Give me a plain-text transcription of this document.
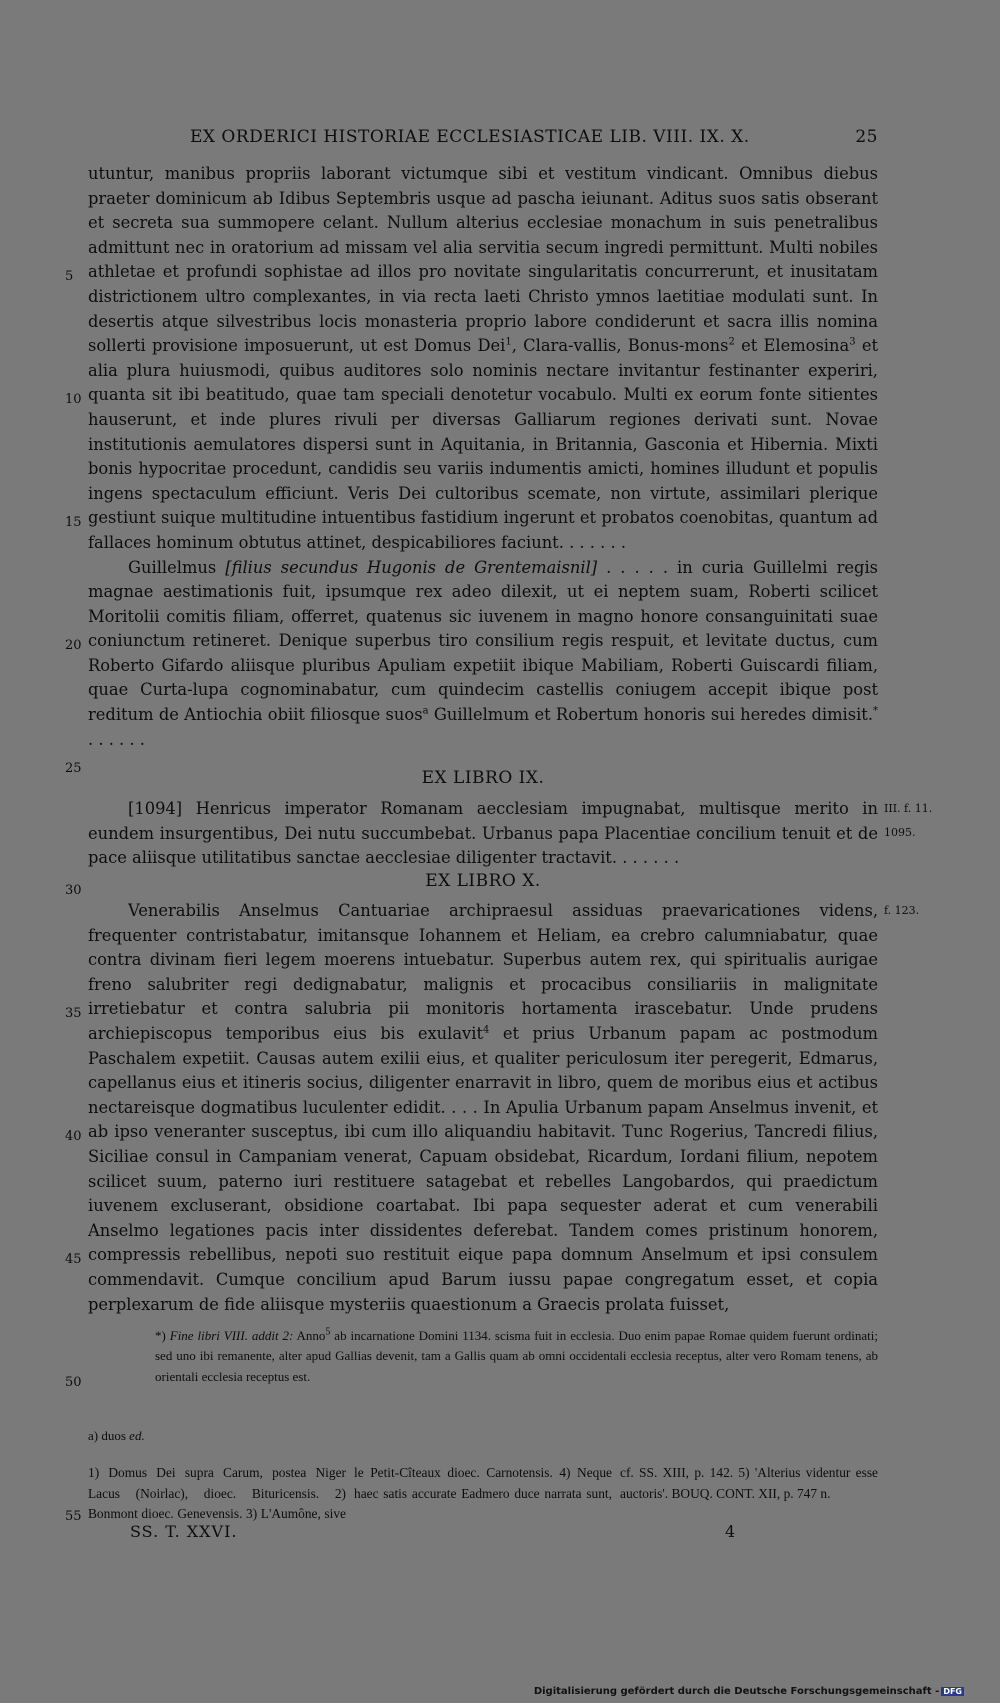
EX ORDERICI HISTORIAE ECCLESIASTICAE LIB. VIII. IX. X.	25
5
10
15
20
25
30
35
40
45
50
55

utuntur, manibus propriis laborant victumque sibi et vestitum vindicant. Omnibus diebus praeter dominicum ab Idibus Septembris usque ad pascha ieiunant. Aditus suos satis obserant et secreta sua summopere celant. Nullum alterius ecclesiae monachum in suis penetralibus admittunt nec in oratorium ad missam vel alia servitia secum ingredi permittunt. Multi nobiles athletae et profundi sophistae ad illos pro novitate singularitatis concurrerunt, et inusitatam districtionem ultro complexantes, in via recta laeti Christo ymnos laetitiae modulati sunt. In desertis atque silvestribus locis monasteria proprio labore condiderunt et sacra illis nomina sollerti provisione imposuerunt, ut est Domus Dei$^1$, Clara-vallis, Bonus-mons$^2$ et Elemosina$^3$ et alia plura huiusmodi, quibus auditores solo nominis nectare invitantur festinanter experiri, quanta sit ibi beatitudo, quae tam speciali denotetur vocabulo. Multi ex eorum fonte sitientes hauserunt, et inde plures rivuli per diversas Galliarum regiones derivati sunt. Novae institutionis aemulatores dispersi sunt in Aquitania, in Britannia, Gasconia et Hibernia. Mixti bonis hypocritae procedunt, candidis seu variis indumentis amicti, homines illudunt et populis ingens spectaculum efficiunt. Veris Dei cultoribus scemate, non virtute, assimilari plerique gestiunt suique multitudine intuentibus fastidium ingerunt et probatos coenobitas, quantum ad fallaces hominum obtutus attinet, despicabiliores faciunt. . . . . . .

Guillelmus [filius secundus Hugonis de Grentemaisnil] . . . . . in curia Guillelmi regis magnae aestimationis fuit, ipsumque rex adeo dilexit, ut ei neptem suam, Roberti scilicet Moritolii comitis filiam, offerret, quatenus sic iuvenem in magno honore consanguinitati suae coniunctum retineret. Denique superbus tiro consilium regis respuit, et levitate ductus, cum Roberto Gifardo aliisque pluribus Apuliam expetiit ibique Mabiliam, Roberti Guiscardi filiam, quae Curta-lupa cognominabatur, cum quindecim castellis coniugem accepit ibique post reditum de Antiochia obiit filiosque suos$^a$ Guillelmum et Robertum honoris sui heredes dimisit.* . . . . . .

EX LIBRO IX.

[1094] Henricus imperator Romanam aecclesiam impugnabat, multisque merito in eundem insurgentibus, Dei nutu succumbebat. Urbanus papa Placentiae concilium tenuit et de pace aliisque utilitatibus sanctae aecclesiae diligenter tractavit. . . . . . .

EX LIBRO X.

Venerabilis Anselmus Cantuariae archipraesul assiduas praevaricationes videns, frequenter contristabatur, imitansque Iohannem et Heliam, ea crebro calumniabatur, quae contra divinam fieri legem moerens intuebatur. Superbus autem rex, qui spiritualis aurigae freno salubriter regi dedignabatur, malignis et procacibus consiliariis in malignitate irretiebatur et contra salubria pii monitoris hortamenta irascebatur. Unde prudens archiepiscopus temporibus eius bis exulavit$^4$ et prius Urbanum papam ac postmodum Paschalem expetiit. Causas autem exilii eius, et qualiter periculosum iter peregerit, Edmarus, capellanus eius et itineris socius, diligenter enarravit in libro, quem de moribus eius et actibus nectareisque dogmatibus luculenter edidit. . . . In Apulia Urbanum papam Anselmus invenit, et ab ipso veneranter susceptus, ibi cum illo aliquandiu habitavit. Tunc Rogerius, Tancredi filius, Siciliae consul in Campaniam venerat, Capuam obsidebat, Ricardum, Iordani filium, nepotem scilicet suum, paterno iuri restituere satagebat et rebelles Langobardos, qui praedictum iuvenem excluserant, obsidione coartabat. Ibi papa sequester aderat et cum venerabili Anselmo legationes pacis inter dissidentes deferebat. Tandem comes pristinum honorem, compressis rebellibus, nepoti suo restituit eique papa domnum Anselmum et ipsi consulem commendavit. Cumque concilium apud Barum iussu papae congregatum esset, et copia perplexarum de fide aliisque mysteriis quaestionum a Graecis prolata fuisset,

III. f. 11.
1095.
f. 123.
*) Fine libri VIII. addit 2: Anno$^5$ ab incarnatione Domini 1134. scisma fuit in ecclesia. Duo enim papae Romae quidem fuerunt ordinati; sed uno ibi remanente, alter apud Gallias devenit, tam a Gallis quam ab omni occidentali ecclesia receptus, alter vero Romam tenens, ab orientali ecclesia receptus est.
a) duos ed.
1) Domus Dei supra Carum, postea Niger Lacus (Noirlac), dioec. Bituricensis. 2) Bonmont dioec. Genevensis. 3) L'Aumône, sive le Petit-Cîteaux dioec. Carnotensis. 4) Neque haec satis accurate Eadmero duce narrata sunt, cf. SS. XIII, p. 142. 5) 'Alterius videntur esse auctoris'. BOUQ. CONT. XII, p. 747 n.
SS. T. XXVI.	4
Digitalisierung gefördert durch die Deutsche Forschungsgemeinschaft - DFG
